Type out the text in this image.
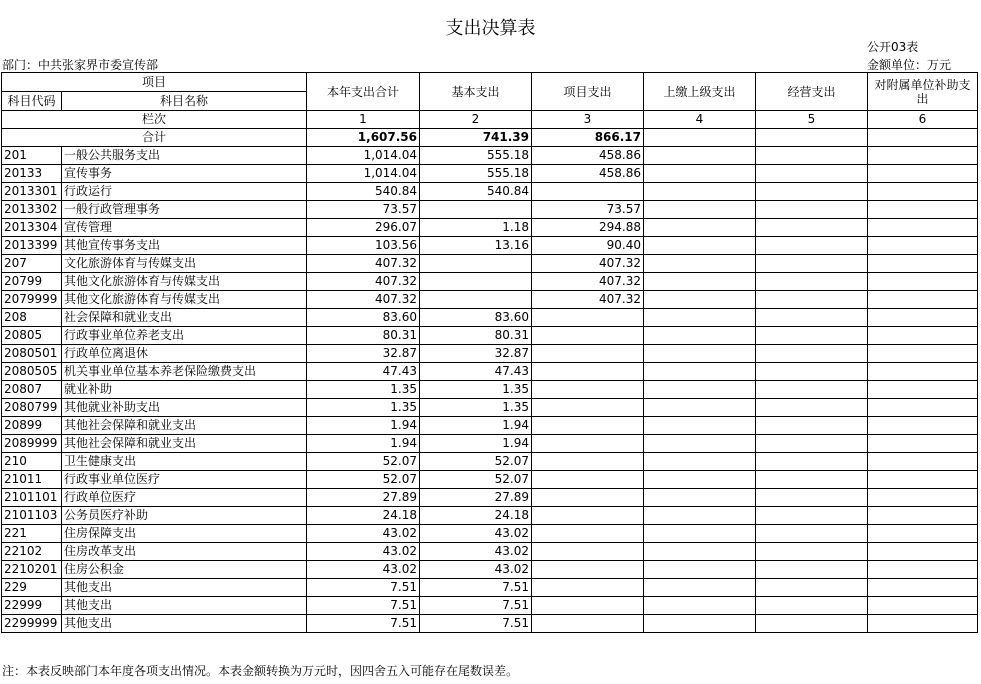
支出决算表
公开03表
部门：中共张家界市委宣传部	金额单位：万元
项目		本年支出合计	基本支出	项目支出	上缴上级支出	经营支出	对附属单位补助支出
科目代码	科目名称						
栏次		1	2	3	4	5	6
合计		1,607.56	741.39	866.17			
201	一般公共服务支出	1,014.04	555.18	458.86			
20133	宣传事务	1,014.04	555.18	458.86			
2013301	行政运行	540.84	540.84				
2013302	一般行政管理事务	73.57		73.57			
2013304	宣传管理	296.07	1.18	294.88			
2013399	其他宣传事务支出	103.56	13.16	90.40			
207	文化旅游体育与传媒支出	407.32		407.32			
20799	其他文化旅游体育与传媒支出	407.32		407.32			
2079999	其他文化旅游体育与传媒支出	407.32		407.32			
208	社会保障和就业支出	83.60	83.60				
20805	行政事业单位养老支出	80.31	80.31				
2080501	行政单位离退休	32.87	32.87				
2080505	机关事业单位基本养老保险缴费支出	47.43	47.43				
20807	就业补助	1.35	1.35				
2080799	其他就业补助支出	1.35	1.35				
20899	其他社会保障和就业支出	1.94	1.94				
2089999	其他社会保障和就业支出	1.94	1.94				
210	卫生健康支出	52.07	52.07				
21011	行政事业单位医疗	52.07	52.07				
2101101	行政单位医疗	27.89	27.89				
2101103	公务员医疗补助	24.18	24.18				
221	住房保障支出	43.02	43.02				
22102	住房改革支出	43.02	43.02				
2210201	住房公积金	43.02	43.02				
229	其他支出	7.51	7.51				
22999	其他支出	7.51	7.51				
2299999	其他支出	7.51	7.51				
注：本表反映部门本年度各项支出情况。本表金额转换为万元时，因四舍五入可能存在尾数误差。
